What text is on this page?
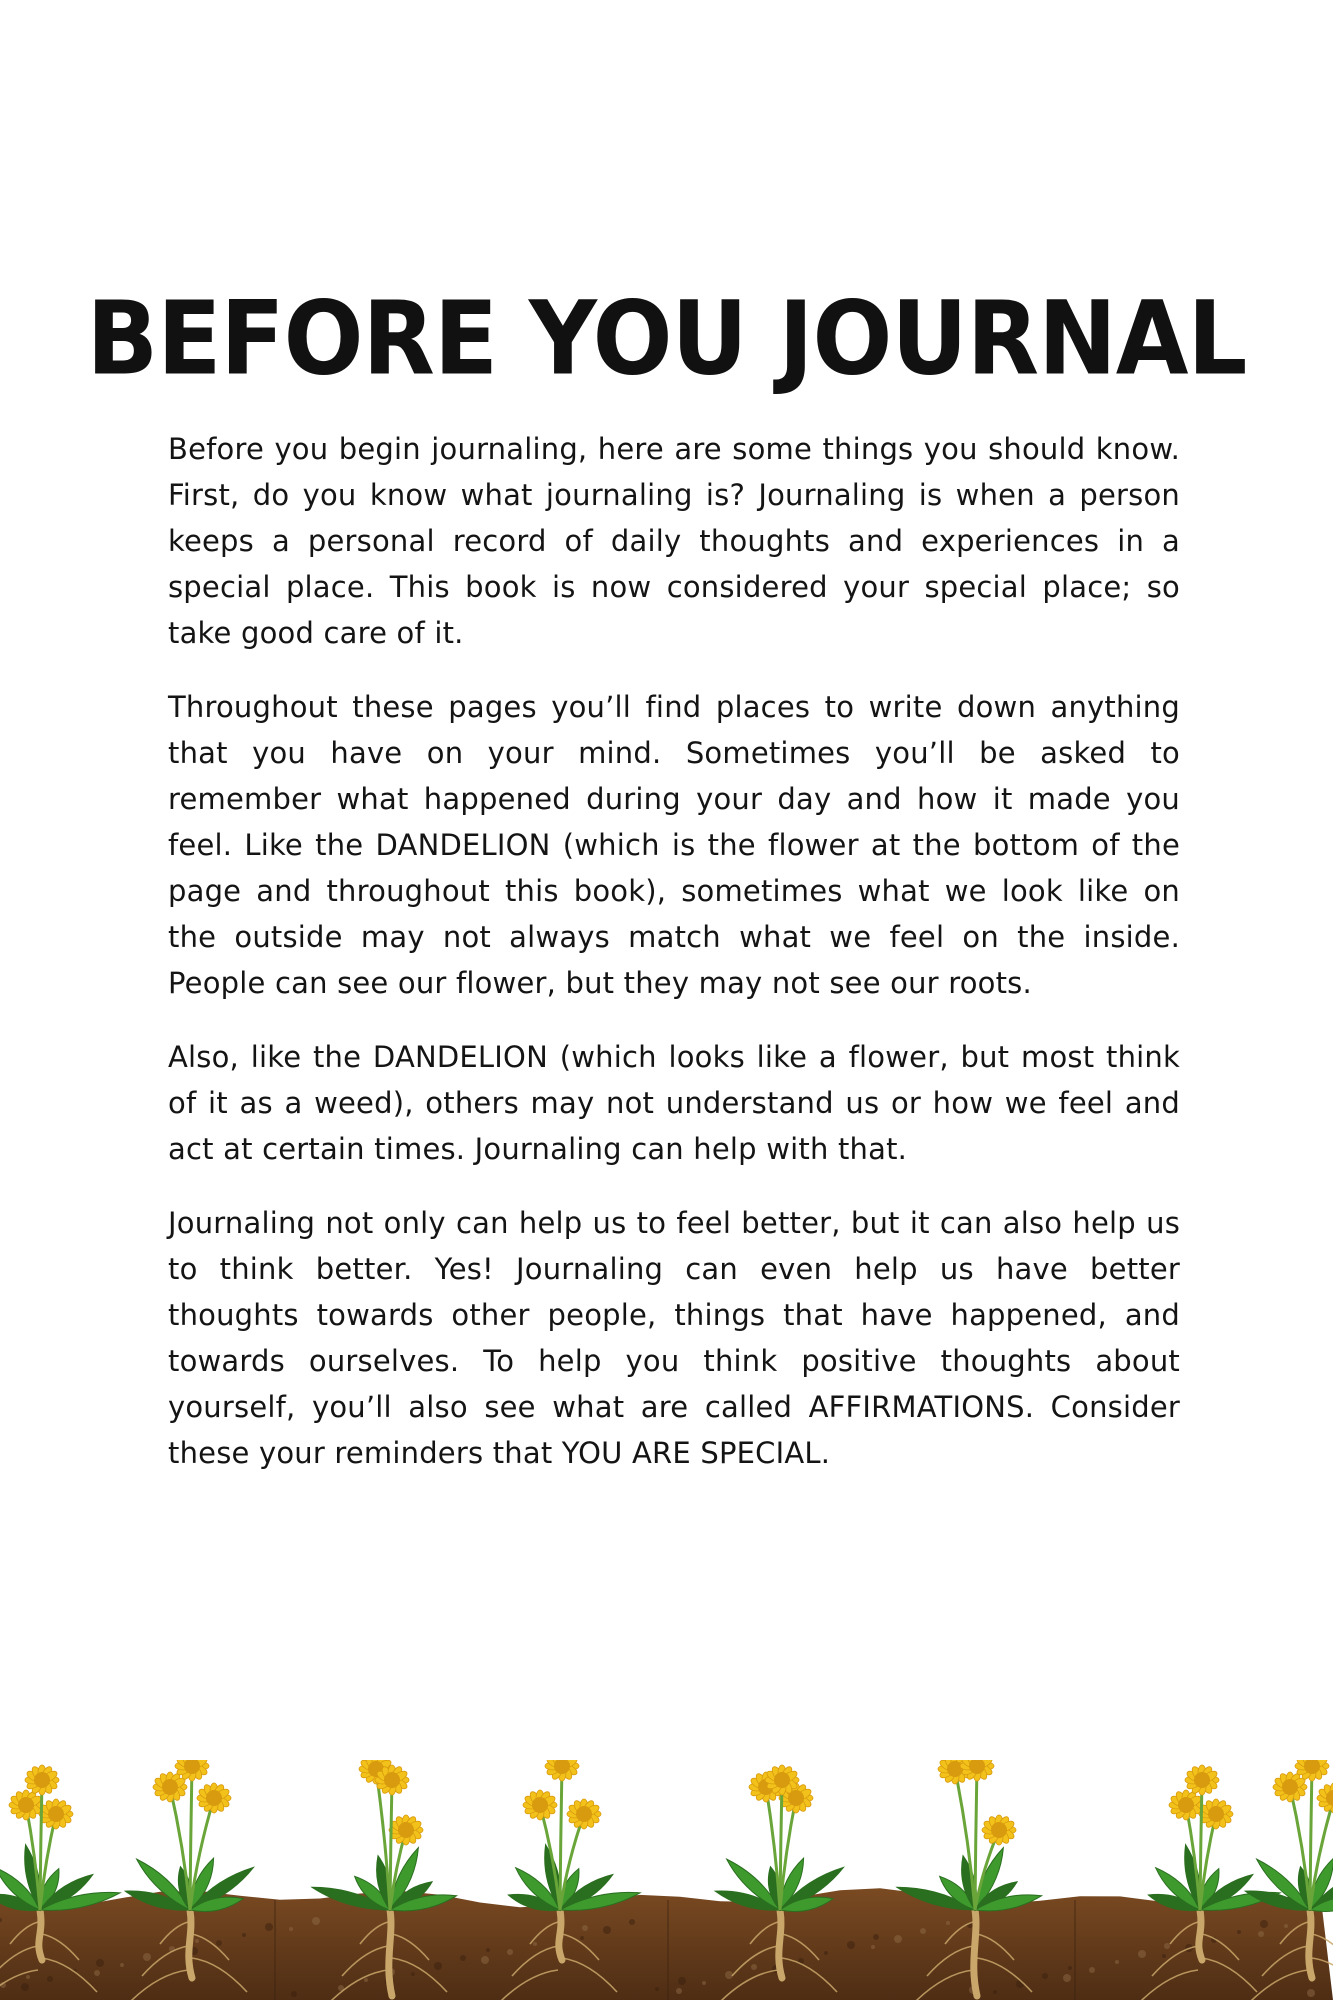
BEFORE YOU JOURNAL

Before you begin journaling, here are some things you should know. First, do you know what journaling is? Journaling is when a person keeps a personal record of daily thoughts and experiences in a special place. This book is now considered your special place; so take good care of it.

Throughout these pages you’ll find places to write down anything that you have on your mind. Sometimes you’ll be asked to remember what happened during your day and how it made you feel. Like the DANDELION (which is the flower at the bottom of the page and throughout this book), sometimes what we look like on the outside may not always match what we feel on the inside. People can see our flower, but they may not see our roots.

Also, like the DANDELION (which looks like a flower, but most think of it as a weed), others may not understand us or how we feel and act at certain times. Journaling can help with that.

Journaling not only can help us to feel better, but it can also help us to think better. Yes! Journaling can even help us have better thoughts towards other people, things that have happened, and towards ourselves. To help you think positive thoughts about yourself, you’ll also see what are called AFFIRMATIONS. Consider these your reminders that YOU ARE SPECIAL.
